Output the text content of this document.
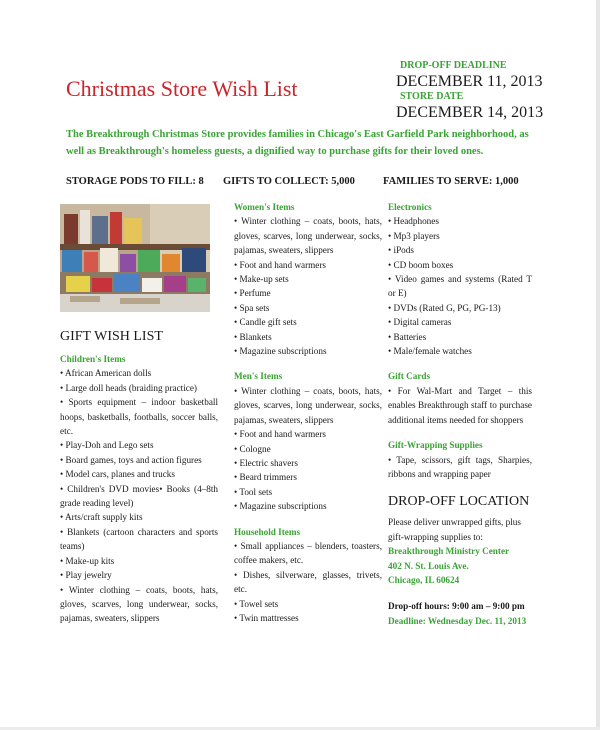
Christmas Store Wish List
DROP-OFF DEADLINE
DECEMBER 11, 2013
STORE DATE
DECEMBER 14, 2013
The Breakthrough Christmas Store provides families in Chicago's East Garfield Park neighborhood, as well as Breakthrough's homeless guests, a dignified way to purchase gifts for their loved ones.
STORAGE PODS TO FILL: 8 GIFTS TO COLLECT: 5,000	FAMILIES TO SERVE: 1,000
GIFT WISH LIST
Children's Items
• African American dolls
• Large doll heads (braiding practice)
• Sports equipment – indoor basketball hoops, basketballs, footballs, soccer balls, etc.
• Play-Doh and Lego sets
• Board games, toys and action figures
• Model cars, planes and trucks
• Children's DVD movies• Books (4–8th grade reading level)
• Arts/craft supply kits
• Blankets (cartoon characters and sports teams)
• Make-up kits
• Play jewelry
• Winter clothing – coats, boots, hats, gloves, scarves, long underwear, socks, pajamas, sweaters, slippers
Women's Items
• Winter clothing – coats, boots, hats, gloves, scarves, long underwear, socks, pajamas, sweaters, slippers
• Foot and hand warmers
• Make-up sets
• Perfume
• Spa sets
• Candle gift sets
• Blankets
• Magazine subscriptions
Men's Items
• Winter clothing – coats, boots, hats, gloves, scarves, long underwear, socks, pajamas, sweaters, slippers
• Foot and hand warmers
• Cologne
• Electric shavers
• Beard trimmers
• Tool sets
• Magazine subscriptions
Household Items
• Small appliances – blenders, toasters, coffee makers, etc.
• Dishes, silverware, glasses, trivets, etc.
• Towel sets
• Twin mattresses
Electronics
• Headphones
• Mp3 players
• iPods
• CD boom boxes
• Video games and systems (Rated T or E)
• DVDs (Rated G, PG, PG-13)
• Digital cameras
• Batteries
• Male/female watches
Gift Cards
• For Wal-Mart and Target – this enables Breakthrough staff to purchase additional items needed for shoppers
Gift-Wrapping Supplies
• Tape, scissors, gift tags, Sharpies, ribbons and wrapping paper
DROP-OFF LOCATION
Please deliver unwrapped gifts, plus gift-wrapping supplies to:
Breakthrough Ministry Center
402 N. St. Louis Ave.
Chicago, IL 60624
Drop-off hours: 9:00 am – 9:00 pm
Deadline: Wednesday Dec. 11, 2013
